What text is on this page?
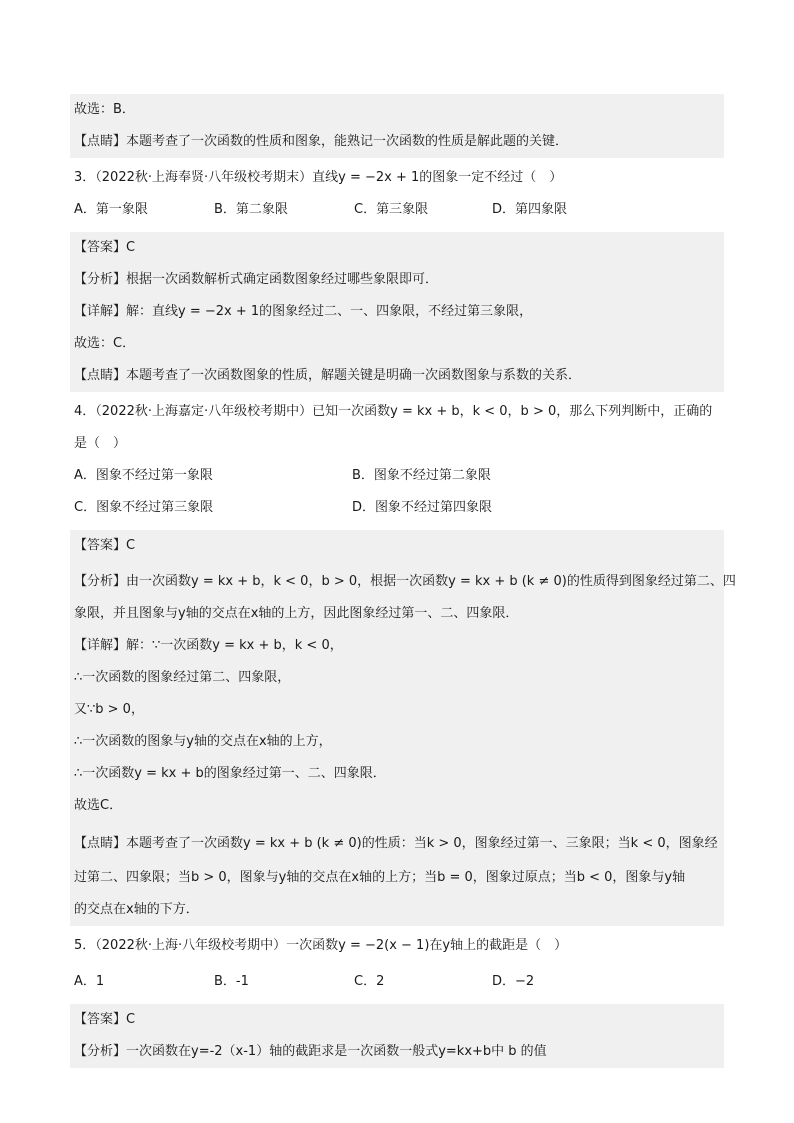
故选：B．
【点睛】本题考查了一次函数的性质和图象，能熟记一次函数的性质是解此题的关键．
3．（2022秋·上海奉贤·八年级校考期末）直线y = −2x + 1的图象一定不经过（　）
A．第一象限	B．第二象限	C．第三象限	D．第四象限
【答案】C
【分析】根据一次函数解析式确定函数图象经过哪些象限即可．
【详解】解：直线y = −2x + 1的图象经过二、一、四象限，不经过第三象限，
故选：C．
【点睛】本题考查了一次函数图象的性质，解题关键是明确一次函数图象与系数的关系．
4．（2022秋·上海嘉定·八年级校考期中）已知一次函数y = kx + b，k < 0，b > 0，那么下列判断中，正确的
是（　）
A．图象不经过第一象限	B．图象不经过第二象限
C．图象不经过第三象限	D．图象不经过第四象限
【答案】C
【分析】由一次函数y = kx + b，k < 0，b > 0，根据一次函数y = kx + b (k ≠ 0)的性质得到图象经过第二、四
象限，并且图象与y轴的交点在x轴的上方，因此图象经过第一、二、四象限．
【详解】解：∵一次函数y = kx + b，k < 0，
∴一次函数的图象经过第二、四象限，
又∵b > 0，
∴一次函数的图象与y轴的交点在x轴的上方，
∴一次函数y = kx + b的图象经过第一、二、四象限．
故选C．
【点睛】本题考查了一次函数y = kx + b (k ≠ 0)的性质：当k > 0，图象经过第一、三象限；当k < 0，图象经
过第二、四象限；当b > 0，图象与y轴的交点在x轴的上方；当b = 0，图象过原点；当b < 0，图象与y轴
的交点在x轴的下方．
5．（2022秋·上海·八年级校考期中）一次函数y = −2(x − 1)在y轴上的截距是（　）
A．1	B．-1	C．2	D．−2
【答案】C
【分析】一次函数在y=-2（x-1）轴的截距求是一次函数一般式y=kx+b中 b 的值
